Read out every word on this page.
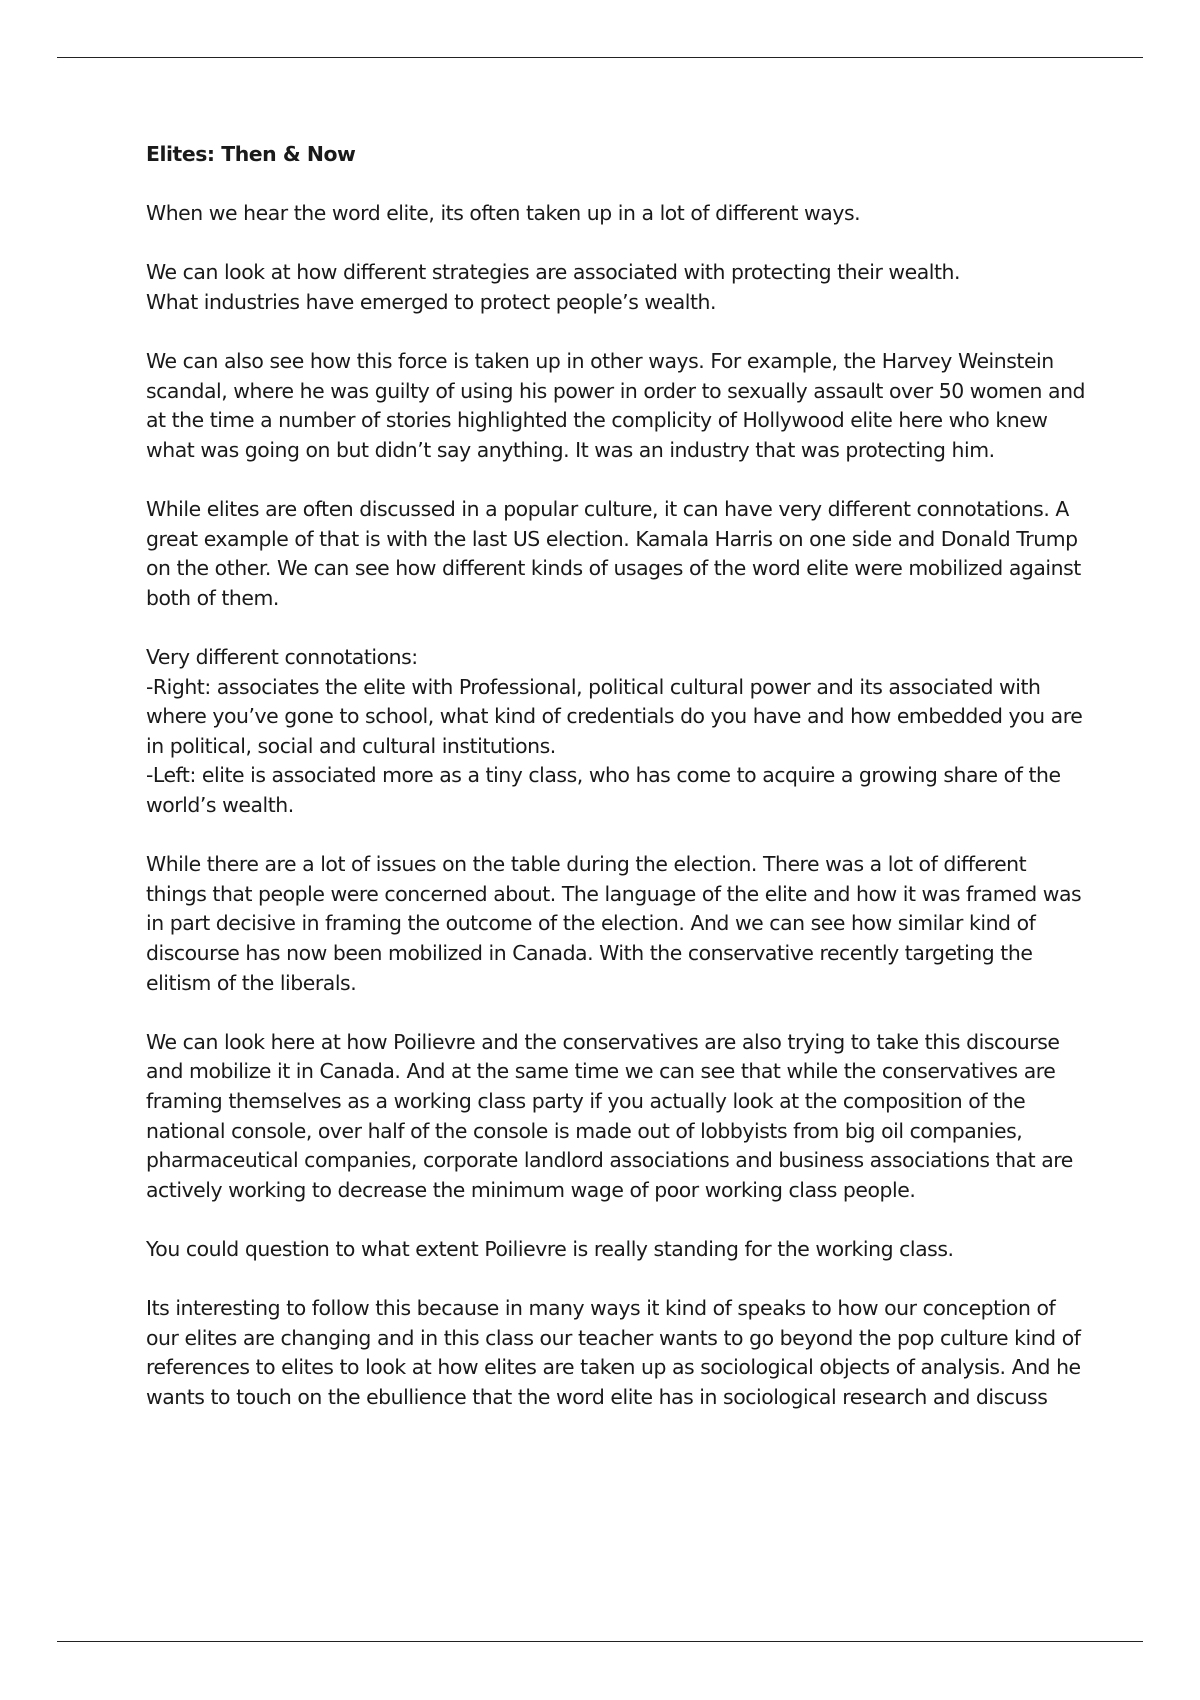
Elites: Then & Now
When we hear the word elite, its often taken up in a lot of different ways.
We can look at how different strategies are associated with protecting their wealth.
What industries have emerged to protect people’s wealth.
We can also see how this force is taken up in other ways. For example, the Harvey Weinstein
scandal, where he was guilty of using his power in order to sexually assault over 50 women and
at the time a number of stories highlighted the complicity of Hollywood elite here who knew
what was going on but didn’t say anything. It was an industry that was protecting him.
While elites are often discussed in a popular culture, it can have very different connotations. A
great example of that is with the last US election. Kamala Harris on one side and Donald Trump
on the other. We can see how different kinds of usages of the word elite were mobilized against
both of them.
Very different connotations:
-Right: associates the elite with Professional, political cultural power and its associated with
where you’ve gone to school, what kind of credentials do you have and how embedded you are
in political, social and cultural institutions.
-Left: elite is associated more as a tiny class, who has come to acquire a growing share of the
world’s wealth.
While there are a lot of issues on the table during the election. There was a lot of different
things that people were concerned about. The language of the elite and how it was framed was
in part decisive in framing the outcome of the election. And we can see how similar kind of
discourse has now been mobilized in Canada. With the conservative recently targeting the
elitism of the liberals.
We can look here at how Poilievre and the conservatives are also trying to take this discourse
and mobilize it in Canada. And at the same time we can see that while the conservatives are
framing themselves as a working class party if you actually look at the composition of the
national console, over half of the console is made out of lobbyists from big oil companies,
pharmaceutical companies, corporate landlord associations and business associations that are
actively working to decrease the minimum wage of poor working class people.
You could question to what extent Poilievre is really standing for the working class.
Its interesting to follow this because in many ways it kind of speaks to how our conception of
our elites are changing and in this class our teacher wants to go beyond the pop culture kind of
references to elites to look at how elites are taken up as sociological objects of analysis. And he
wants to touch on the ebullience that the word elite has in sociological research and discuss
